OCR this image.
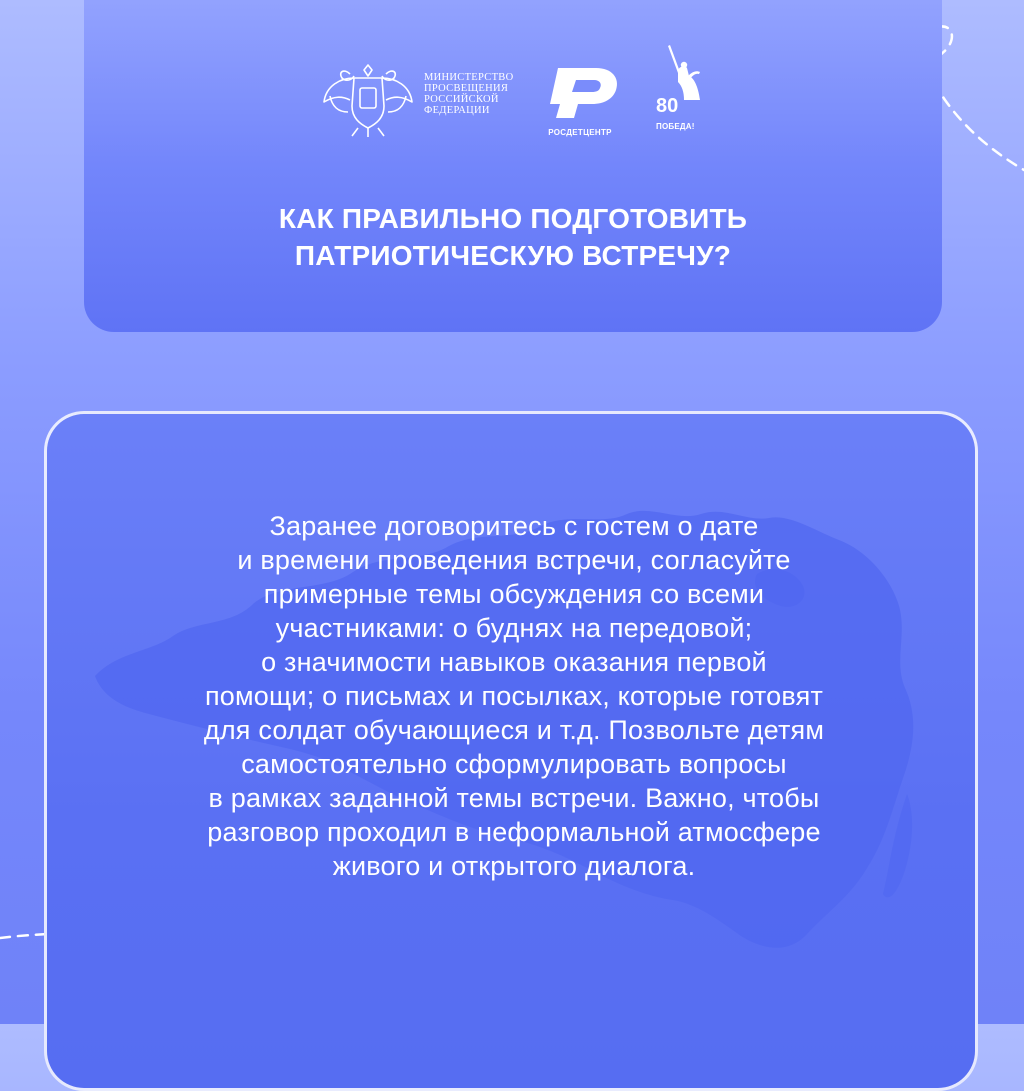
МИНИСТЕРСТВО
ПРОСВЕЩЕНИЯ
РОССИЙСКОЙ
ФЕДЕРАЦИИ
РОСДЕТЦЕНТР
80
ПОБЕДА!
КАК ПРАВИЛЬНО ПОДГОТОВИТЬ
ПАТРИОТИЧЕСКУЮ ВСТРЕЧУ?

Заранее договоритесь с гостем о дате
и времени проведения встречи, согласуйте
примерные темы обсуждения со всеми
участниками: о буднях на передовой;
о значимости навыков оказания первой
помощи; о письмах и посылках, которые готовят
для солдат обучающиеся и т.д. Позвольте детям
самостоятельно сформулировать вопросы
в рамках заданной темы встречи. Важно, чтобы
разговор проходил в неформальной атмосфере
живого и открытого диалога.
